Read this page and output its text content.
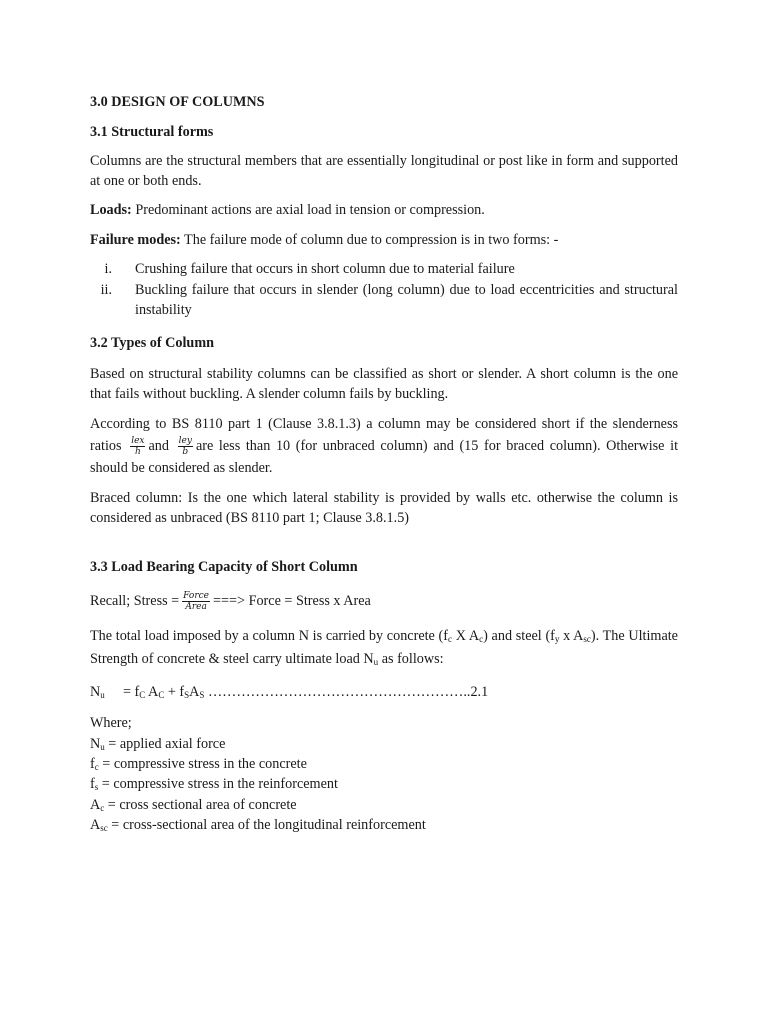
3.0 DESIGN OF COLUMNS
3.1 Structural forms
Columns are the structural members that are essentially longitudinal or post like in form and supported at one or both ends.
Loads: Predominant actions are axial load in tension or compression.
Failure modes: The failure mode of column due to compression is in two forms: -
i. Crushing failure that occurs in short column due to material failure
ii. Buckling failure that occurs in slender (long column) due to load eccentricities and structural instability
3.2 Types of Column
Based on structural stability columns can be classified as short or slender. A short column is the one that fails without buckling. A slender column fails by buckling.
According to BS 8110 part 1 (Clause 3.8.1.3) a column may be considered short if the slenderness ratios $\frac{\text{lex}}{h}$ and $\frac{\text{ley}}{b}$ are less than 10 (for unbraced column) and (15 for braced column). Otherwise it should be considered as slender.
Braced column: Is the one which lateral stability is provided by walls etc. otherwise the column is considered as unbraced (BS 8110 part 1; Clause 3.8.1.5)
3.3 Load Bearing Capacity of Short Column
Recall; Stress = $\frac{\text{Force}}{\text{Area}}$ ===> Force = Stress x Area
The total load imposed by a column N is carried by concrete ($f_c$ X $A_c$) and steel ($f_y$ x $A_{sc}$). The Ultimate Strength of concrete & steel carry ultimate load $N_u$ as follows:
$N_u = f_C$ $A_C + f_SA_S$ ………………………………………………..2.1
Where;
$N_u$ = applied axial force
$f_c$ = compressive stress in the concrete
$f_s$ = compressive stress in the reinforcement
$A_c$ = cross sectional area of concrete
$A_{sc}$ = cross-sectional area of the longitudinal reinforcement
